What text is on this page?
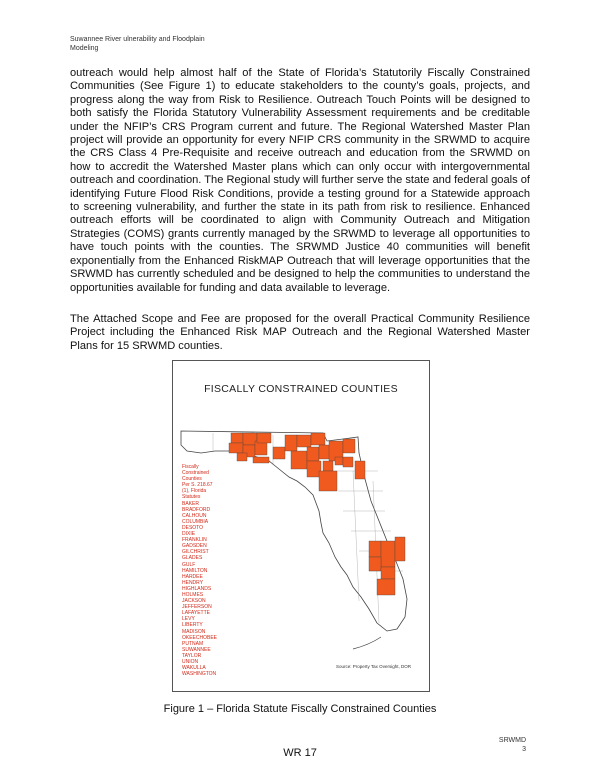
Suwannee River ulnerability and Floodplain
Modeling
outreach would help almost half of the State of Florida’s Statutorily Fiscally Constrained Communities (See Figure 1) to educate stakeholders to the county’s goals, projects, and progress along the way from Risk to Resilience. Outreach Touch Points will be designed to both satisfy the Florida Statutory Vulnerability Assessment requirements and be creditable under the NFIP’s CRS Program current and future. The Regional Watershed Master Plan project will provide an opportunity for every NFIP CRS community in the SRWMD to acquire the CRS Class 4 Pre-Requisite and receive outreach and education from the SRWMD on how to accredit the Watershed Master plans which can only occur with intergovernmental outreach and coordination. The Regional study will further serve the state and federal goals of identifying Future Flood Risk Conditions, provide a testing ground for a Statewide approach to screening vulnerability, and further the state in its path from risk to resilience. Enhanced outreach efforts will be coordinated to align with Community Outreach and Mitigation Strategies (COMS) grants currently managed by the SRWMD to leverage all opportunities to have touch points with the counties. The SRWMD Justice 40 communities will benefit exponentially from the Enhanced RiskMAP Outreach that will leverage opportunities that the SRWMD has currently scheduled and be designed to help the communities to understand the opportunities available for funding and data available to leverage.
The Attached Scope and Fee are proposed for the overall Practical Community Resilience Project including the Enhanced Risk MAP Outreach and the Regional Watershed Master Plans for 15 SRWMD counties.
FISCALLY CONSTRAINED COUNTIES
Fiscally
Constrained
Counties
Per S. 218.67
(1), Florida
Statutes
BAKER
BRADFORD
CALHOUN
COLUMBIA
DESOTO
DIXIE
FRANKLIN
GADSDEN
GILCHRIST
GLADES
GULF
HAMILTON
HARDEE
HENDRY
HIGHLANDS
HOLMES
JACKSON
JEFFERSON
LAFAYETTE
LEVY
LIBERTY
MADISON
OKEECHOBEE
PUTNAM
SUWANNEE
TAYLOR
UNION
WAKULLA
WASHINGTON
Source: Property Tax Oversight, DOR
Figure 1 – Florida Statute Fiscally Constrained Counties
WR 17
SRWMD
3
